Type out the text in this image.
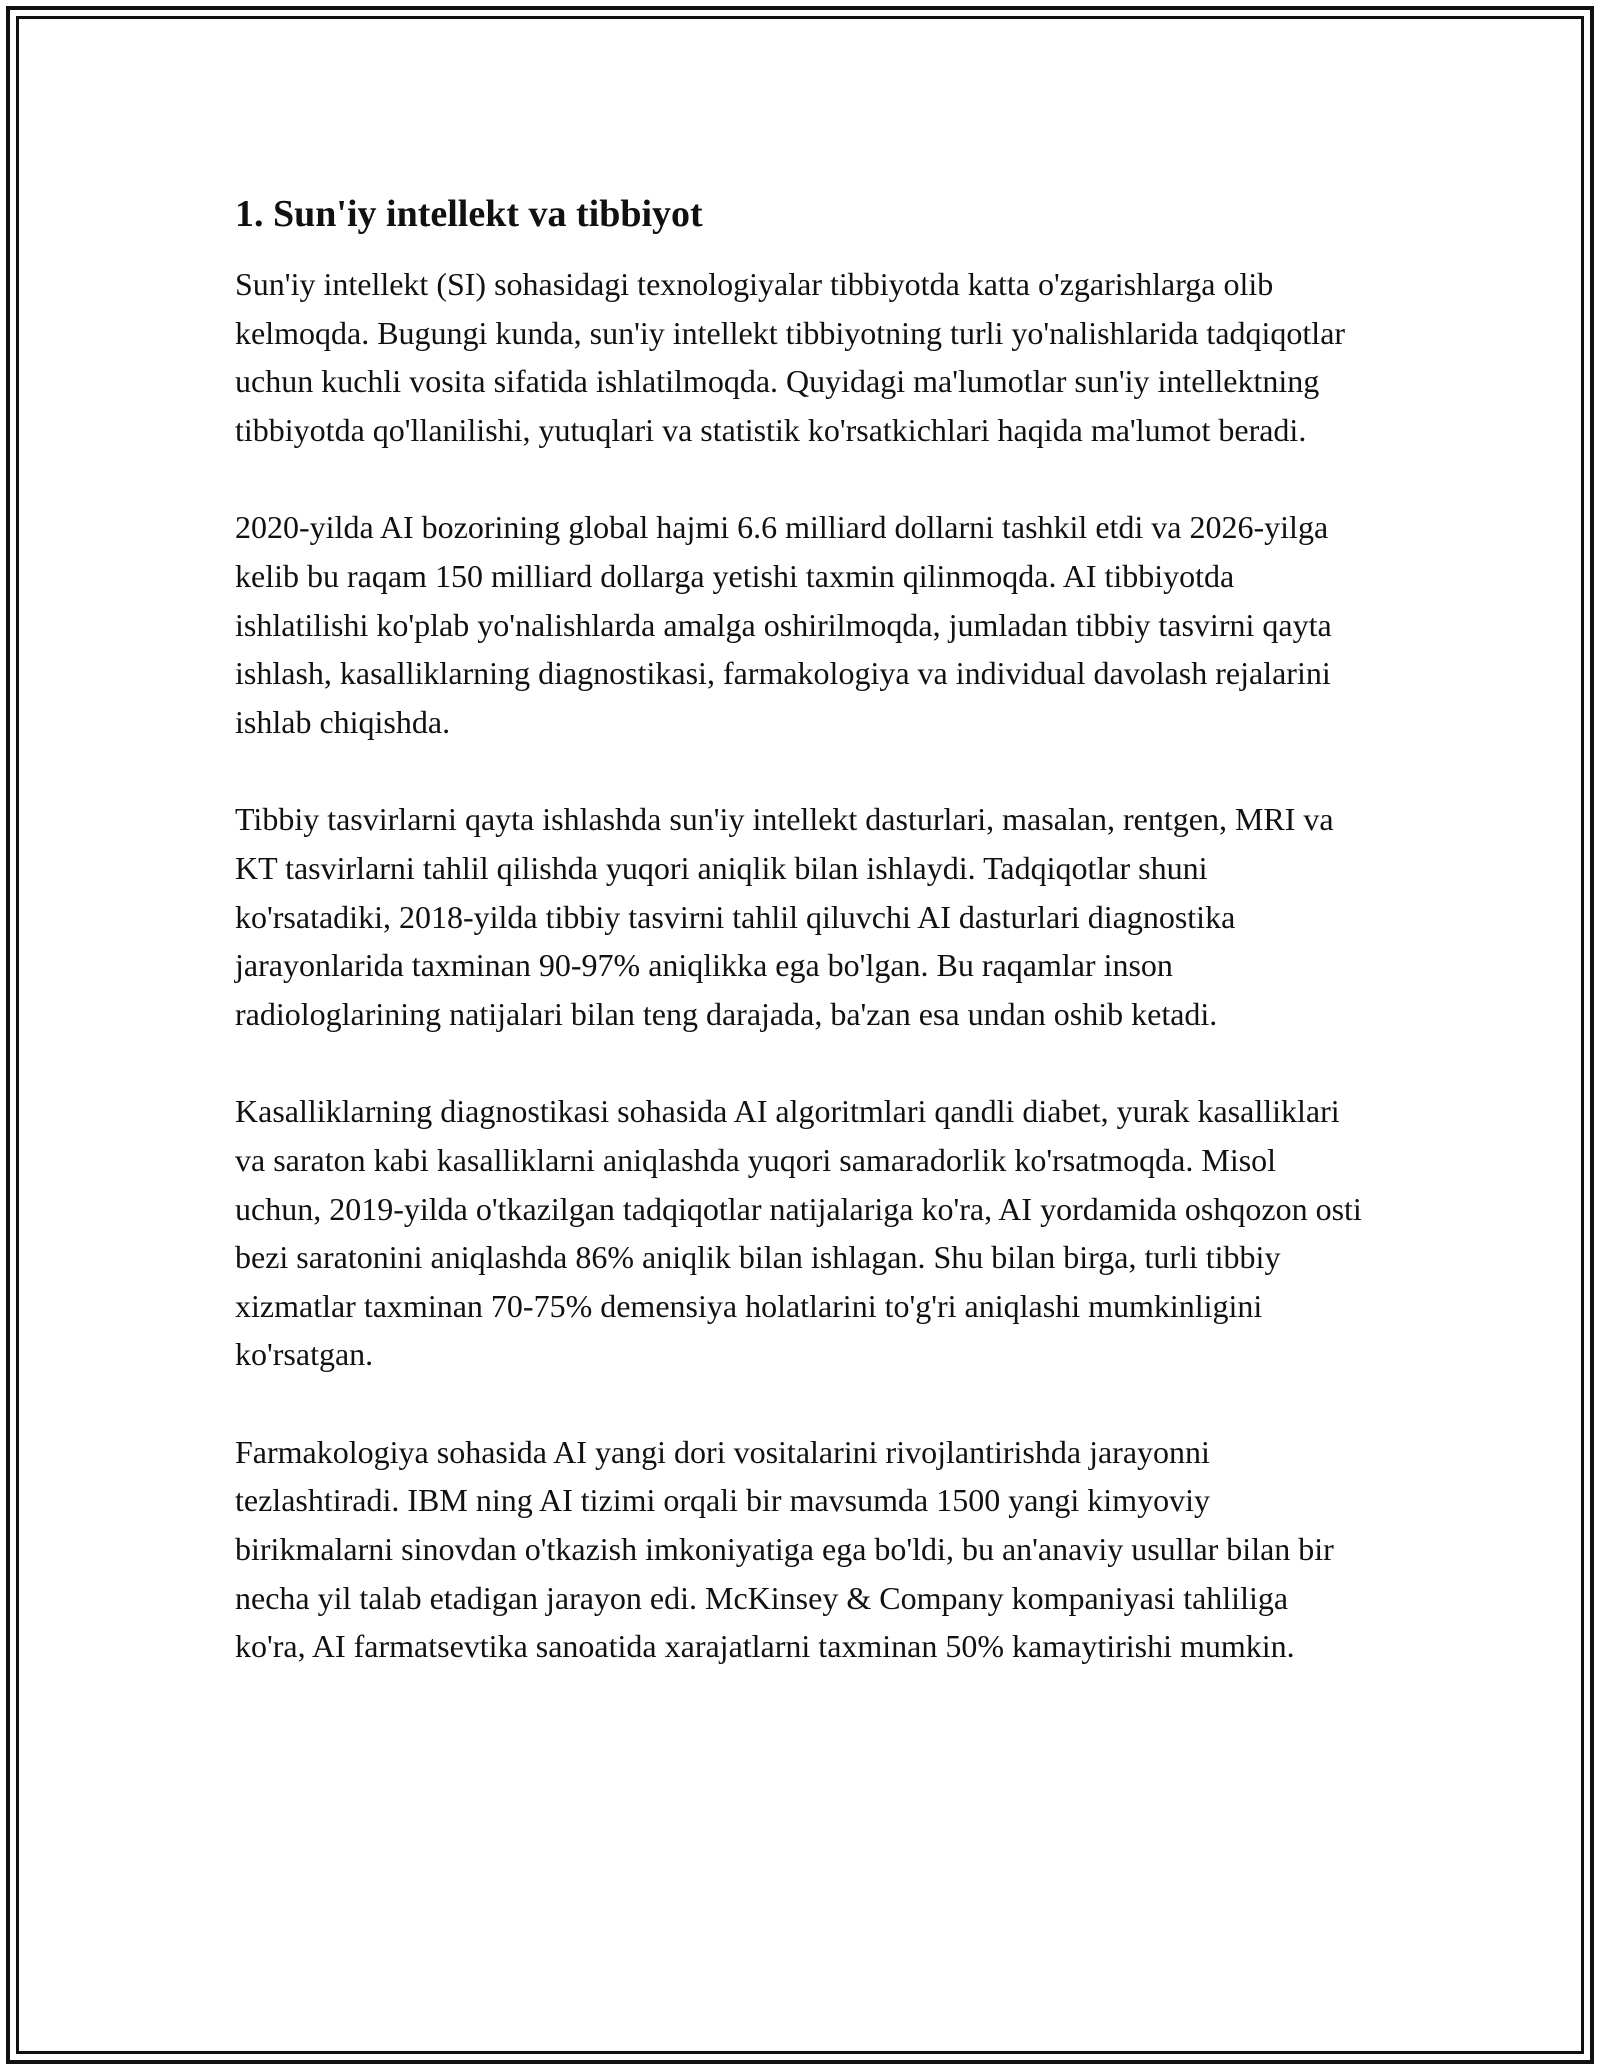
1. Sun'iy intellekt va tibbiyot

Sun'iy intellekt (SI) sohasidagi texnologiyalar tibbiyotda katta o'zgarishlarga olib kelmoqda. Bugungi kunda, sun'iy intellekt tibbiyotning turli yo'nalishlarida tadqiqotlar uchun kuchli vosita sifatida ishlatilmoqda. Quyidagi ma'lumotlar sun'iy intellektning tibbiyotda qo'llanilishi, yutuqlari va statistik ko'rsatkichlari haqida ma'lumot beradi.

2020-yilda AI bozorining global hajmi 6.6 milliard dollarni tashkil etdi va 2026-yilga kelib bu raqam 150 milliard dollarga yetishi taxmin qilinmoqda. AI tibbiyotda ishlatilishi ko'plab yo'nalishlarda amalga oshirilmoqda, jumladan tibbiy tasvirni qayta ishlash, kasalliklarning diagnostikasi, farmakologiya va individual davolash rejalarini ishlab chiqishda.

Tibbiy tasvirlarni qayta ishlashda sun'iy intellekt dasturlari, masalan, rentgen, MRI va KT tasvirlarni tahlil qilishda yuqori aniqlik bilan ishlaydi. Tadqiqotlar shuni ko'rsatadiki, 2018-yilda tibbiy tasvirni tahlil qiluvchi AI dasturlari diagnostika jarayonlarida taxminan 90-97% aniqlikka ega bo'lgan. Bu raqamlar inson radiologlarining natijalari bilan teng darajada, ba'zan esa undan oshib ketadi.

Kasalliklarning diagnostikasi sohasida AI algoritmlari qandli diabet, yurak kasalliklari va saraton kabi kasalliklarni aniqlashda yuqori samaradorlik ko'rsatmoqda. Misol uchun, 2019-yilda o'tkazilgan tadqiqotlar natijalariga ko'ra, AI yordamida oshqozon osti bezi saratonini aniqlashda 86% aniqlik bilan ishlagan. Shu bilan birga, turli tibbiy xizmatlar taxminan 70-75% demensiya holatlarini to'g'ri aniqlashi mumkinligini ko'rsatgan.

Farmakologiya sohasida AI yangi dori vositalarini rivojlantirishda jarayonni tezlashtiradi. IBM ning AI tizimi orqali bir mavsumda 1500 yangi kimyoviy birikmalarni sinovdan o'tkazish imkoniyatiga ega bo'ldi, bu an'anaviy usullar bilan bir necha yil talab etadigan jarayon edi. McKinsey & Company kompaniyasi tahliliga ko'ra, AI farmatsevtika sanoatida xarajatlarni taxminan 50% kamaytirishi mumkin.
